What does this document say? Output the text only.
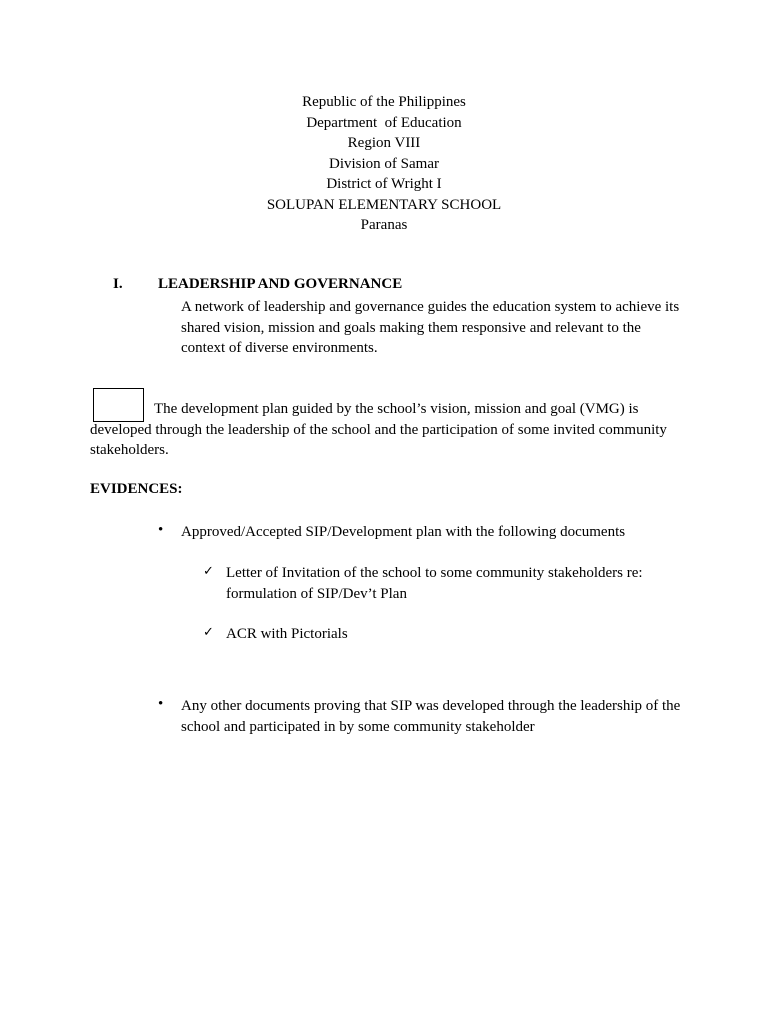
Republic of the Philippines
Department  of Education
Region VIII
Division of Samar
District of Wright I
SOLUPAN ELEMENTARY SCHOOL
Paranas
I. LEADERSHIP AND GOVERNANCE
A network of leadership and governance guides the education system to achieve its shared vision, mission and goals making them responsive and relevant to the context of diverse environments.
The development plan guided by the school’s vision, mission and goal (VMG) is developed through the leadership of the school and the participation of some invited community stakeholders.
EVIDENCES:
• Approved/Accepted SIP/Development plan with the following documents
✓ Letter of Invitation of the school to some community stakeholders re: formulation of SIP/Dev’t Plan
✓ ACR with Pictorials
• Any other documents proving that SIP was developed through the leadership of the school and participated in by some community stakeholder
